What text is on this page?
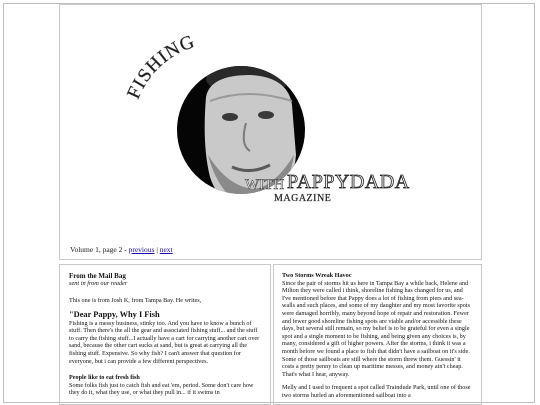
FISHING
WITH PAPPYDADA
MAGAZINE
Volume 1, page 2 - previous | next
From the Mail Bag
sent in from our reader
This one is from Josh K, from Tampa Bay. He writes,
"Dear Pappy, Why I Fish
Fishing is a messy business, stinky too. And you have to know a bunch of stuff. Then there's the all the gear and associated fishing stuff... and the stuff to carry the fishing stuff...I actually have a cart for carrying another cart over sand, because the other cart sucks at sand, but is great at carrying all the fishing stuff. Expensive. So why fish? I can't answer that question for everyone, but i can provide a few different perspectives.
People like to eat fresh fish
Some folks fish just to catch fish and eat 'em, period. Some don't care how they do it, what they use, or what they pull in... if it swims in
Two Storms Wreak Havoc
Since the pair of storms hit us here in Tampa Bay a while back, Helene and Milton they were called i think, shoreline fishing has changed for us, and I've mentioned before that Pappy does a lot of fishing from piers and sea-walls and such places, and some of my daughter and my most favorite spots were damaged horribly, many beyond hope of repair and restoration. Fewer and fewer good shoreline fishing spots are viable and/or accessible these days, but several still remain, so my belief is to be grateful for even a single spot and a single moment to be fishing, and being given any choices is, by many, considered a gift of higher powers. After the storms, i think it was a month before we found a place to fish that didn't have a sailboat on it's side. Some of those sailboats are still where the storm threw them. Guessin' it costs a pretty penny to clean up maritime messes, and money ain't cheap. That's what I hear, anyway.
Melly and I used to frequent a spot called Traindude Park, until one of those two storms hurled an aforementioned sailboat into a
